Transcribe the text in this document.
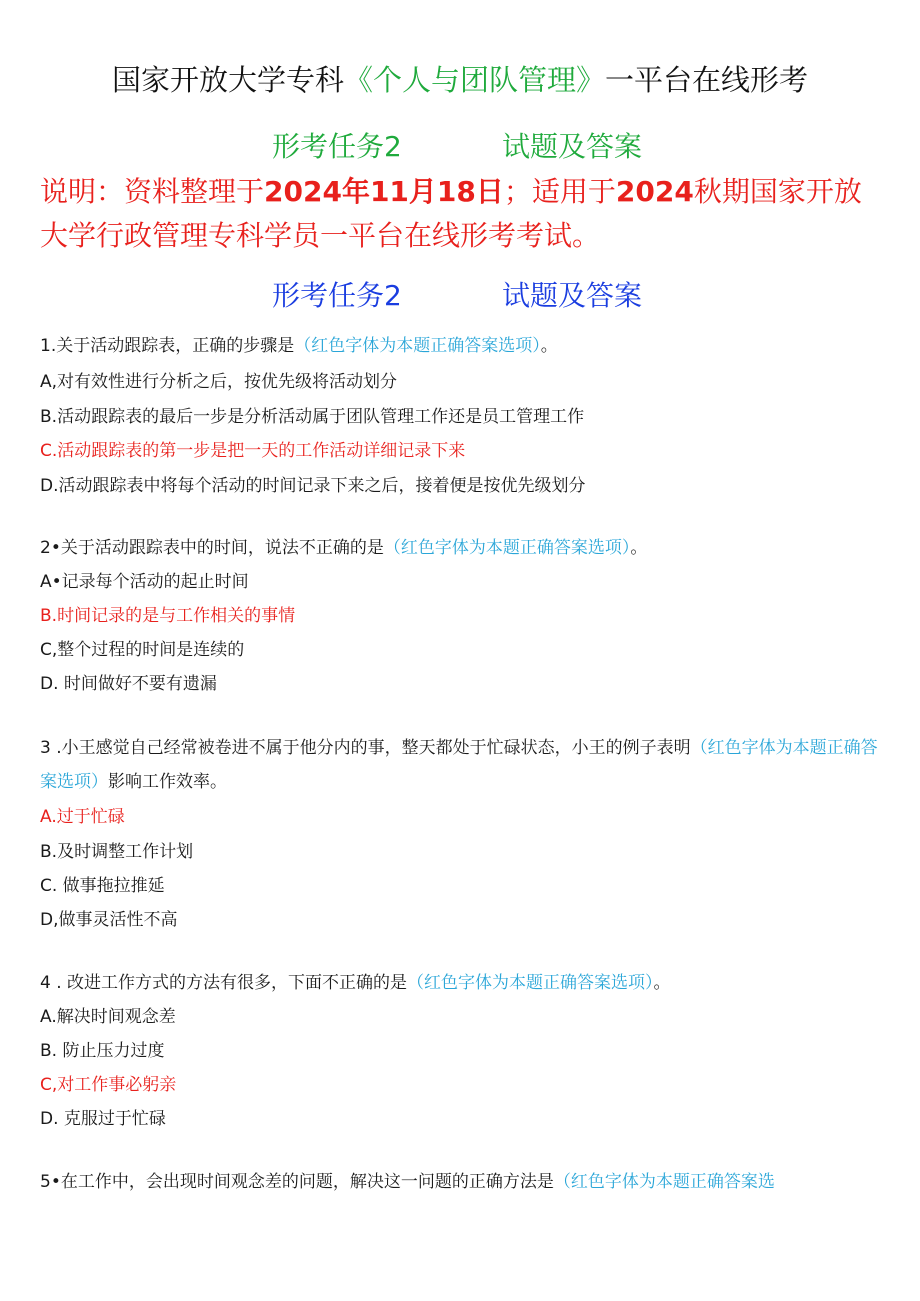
国家开放大学专科《个人与团队管理》一平台在线形考
形考任务2	试题及答案
说明：资料整理于2024年11月18日；适用于2024秋期国家开放大学行政管理专科学员一平台在线形考考试。
形考任务2	试题及答案
1.关于活动跟踪表，正确的步骤是（红色字体为本题正确答案选项）。
A,对有效性进行分析之后，按优先级将活动划分
B.活动跟踪表的最后一步是分析活动属于团队管理工作还是员工管理工作
C.活动跟踪表的第一步是把一天的工作活动详细记录下来
D.活动跟踪表中将每个活动的时间记录下来之后，接着便是按优先级划分
2•关于活动跟踪表中的时间，说法不正确的是（红色字体为本题正确答案选项）。
A•记录每个活动的起止时间
B.时间记录的是与工作相关的事情
C,整个过程的时间是连续的
D. 时间做好不要有遗漏
3 .小王感觉自己经常被卷进不属于他分内的事，整天都处于忙碌状态，小王的例子表明（红色字体为本题正确答案选项）影响工作效率。
A.过于忙碌
B.及时调整工作计划
C. 做事拖拉推延
D,做事灵活性不高
4 . 改进工作方式的方法有很多，下面不正确的是（红色字体为本题正确答案选项）。
A.解决时间观念差
B. 防止压力过度
C,对工作事必躬亲
D. 克服过于忙碌
5•在工作中，会出现时间观念差的问题，解决这一问题的正确方法是（红色字体为本题正确答案选
